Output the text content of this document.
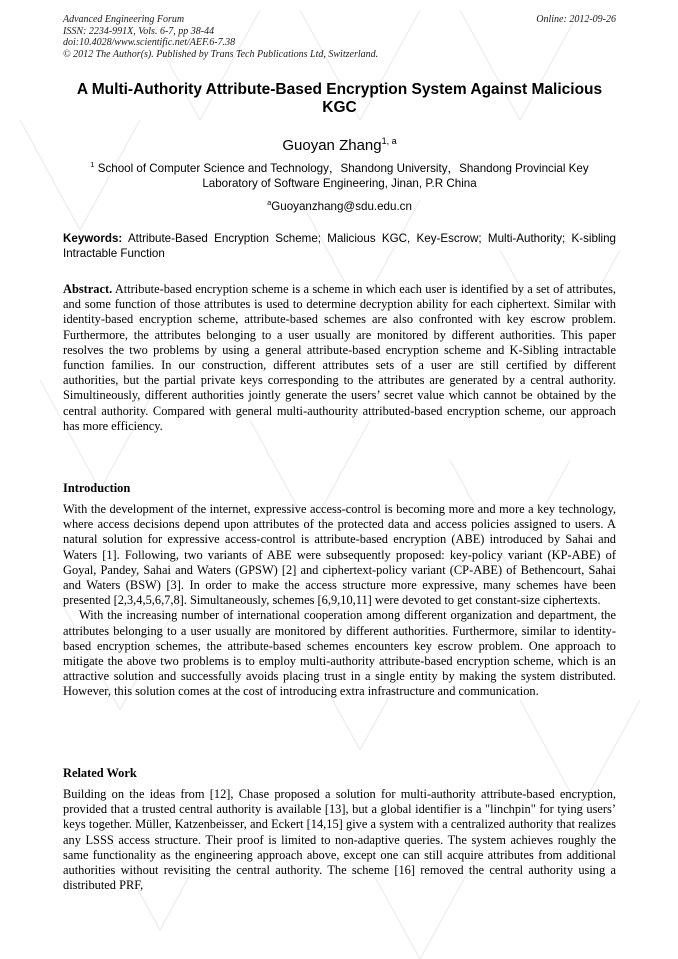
Advanced Engineering Forum
ISSN: 2234-991X, Vols. 6-7, pp 38-44
doi:10.4028/www.scientific.net/AEF.6-7.38
© 2012 The Author(s). Published by Trans Tech Publications Ltd, Switzerland.
Online: 2012-09-26
A Multi-Authority Attribute-Based Encryption System Against Malicious KGC
Guoyan Zhang$^{1, a}$
$^1$ School of Computer Science and Technology，Shandong University，Shandong Provincial Key Laboratory of Software Engineering, Jinan, P.R China
$^a$Guoyanzhang@sdu.edu.cn
Keywords: Attribute-Based Encryption Scheme; Malicious KGC, Key-Escrow; Multi-Authority; K-sibling Intractable Function

Abstract. Attribute-based encryption scheme is a scheme in which each user is identified by a set of attributes, and some function of those attributes is used to determine decryption ability for each ciphertext. Similar with identity-based encryption scheme, attribute-based schemes are also confronted with key escrow problem. Furthermore, the attributes belonging to a user usually are monitored by different authorities. This paper resolves the two problems by using a general attribute-based encryption scheme and K-Sibling intractable function families. In our construction, different attributes sets of a user are still certified by different authorities, but the partial private keys corresponding to the attributes are generated by a central authority. Simultineously, different authorities jointly generate the users’ secret value which cannot be obtained by the central authority. Compared with general multi-authourity attributed-based encryption scheme, our approach has more efficiency.

Introduction

With the development of the internet, expressive access-control is becoming more and more a key technology, where access decisions depend upon attributes of the protected data and access policies assigned to users. A natural solution for expressive access-control is attribute-based encryption (ABE) introduced by Sahai and Waters [1]. Following, two variants of ABE were subsequently proposed: key-policy variant (KP-ABE) of Goyal, Pandey, Sahai and Waters (GPSW) [2] and ciphertext-policy variant (CP-ABE) of Bethencourt, Sahai and Waters (BSW) [3]. In order to make the access structure more expressive, many schemes have been presented [2,3,4,5,6,7,8]. Simultaneously, schemes [6,9,10,11] were devoted to get constant-size ciphertexts.

With the increasing number of international cooperation among different organization and department, the attributes belonging to a user usually are monitored by different authorities. Furthermore, similar to identity-based encryption schemes, the attribute-based schemes encounters key escrow problem. One approach to mitigate the above two problems is to employ multi-authority attribute-based encryption scheme, which is an attractive solution and successfully avoids placing trust in a single entity by making the system distributed. However, this solution comes at the cost of introducing extra infrastructure and communication.

Related Work

Building on the ideas from [12], Chase proposed a solution for multi-authority attribute-based encryption, provided that a trusted central authority is available [13], but a global identifier is a "linchpin" for tying users’ keys together. Müller, Katzenbeisser, and Eckert [14,15] give a system with a centralized authority that realizes any LSSS access structure. Their proof is limited to non-adaptive queries. The system achieves roughly the same functionality as the engineering approach above, except one can still acquire attributes from additional authorities without revisiting the central authority. The scheme [16] removed the central authority using a distributed PRF,
